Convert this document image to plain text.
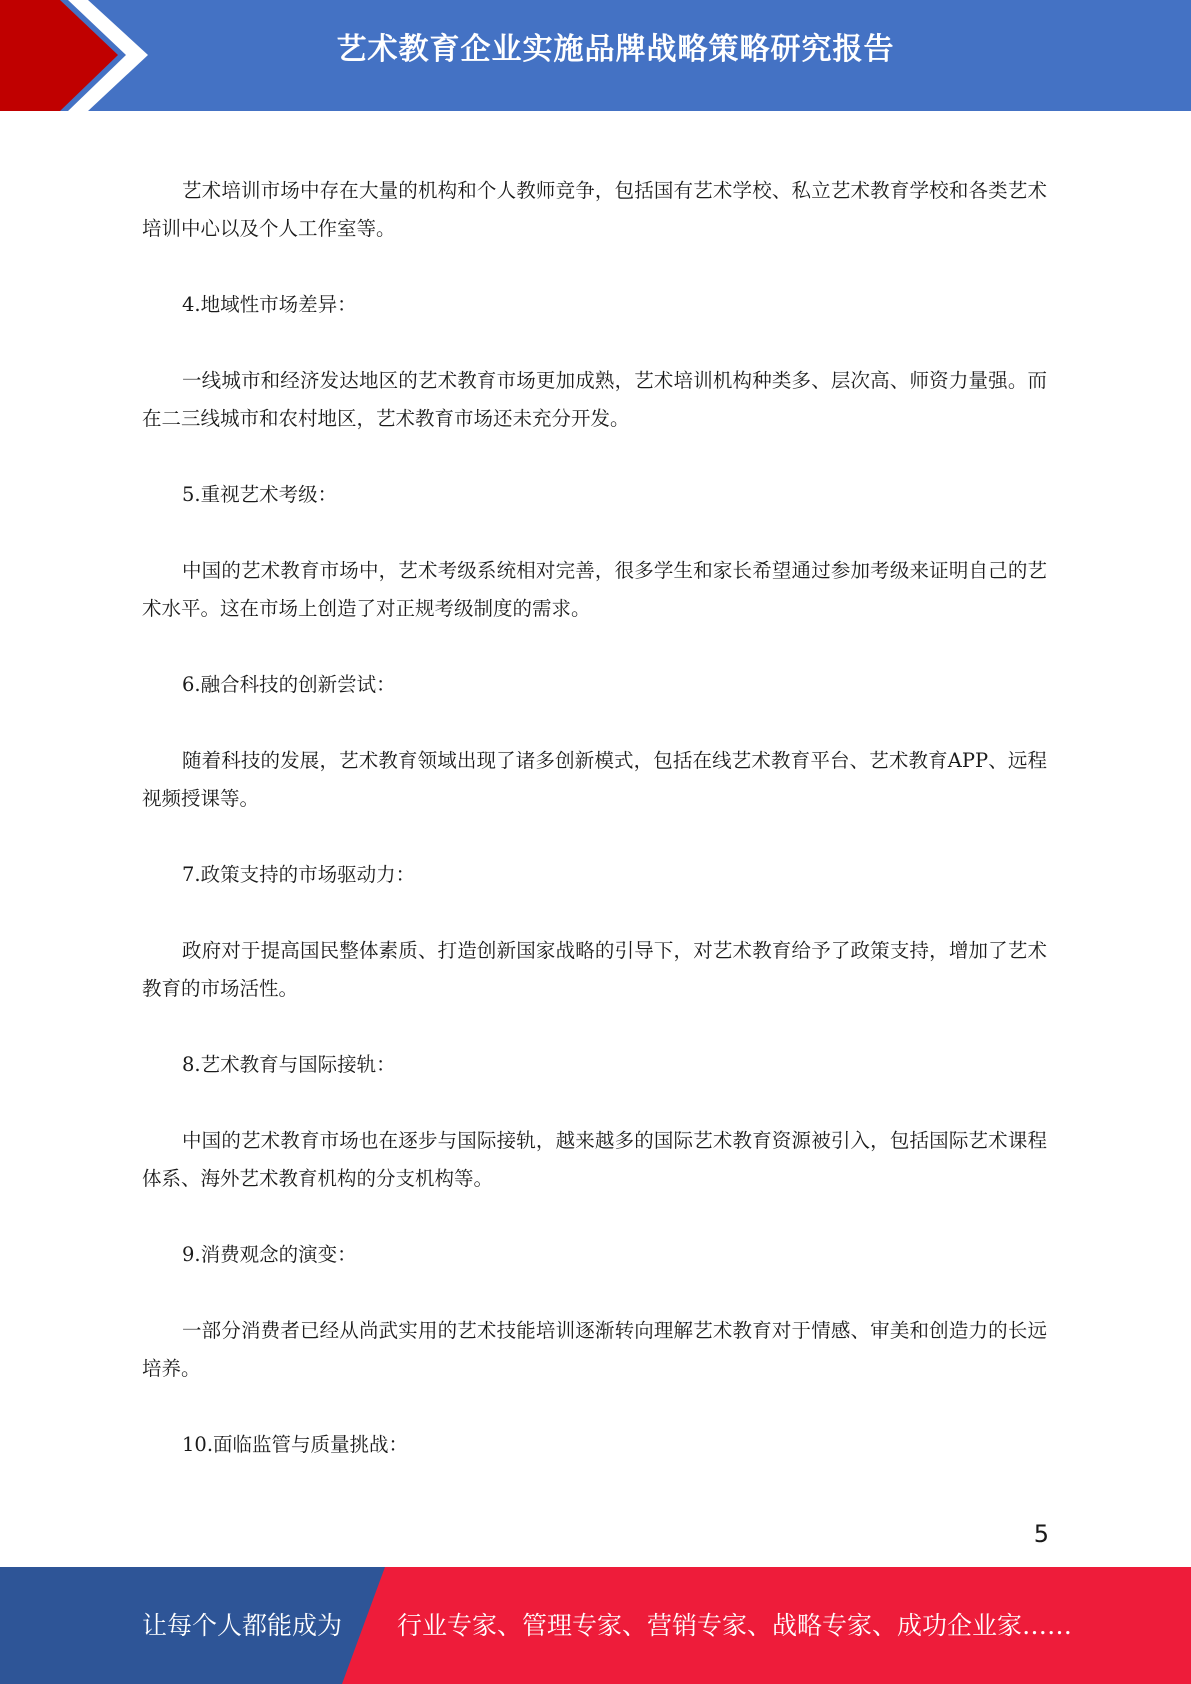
艺术教育企业实施品牌战略策略研究报告

艺术培训市场中存在大量的机构和个人教师竞争，包括国有艺术学校、私立艺术教育学校和各类艺术培训中心以及个人工作室等。

4.地域性市场差异：

一线城市和经济发达地区的艺术教育市场更加成熟，艺术培训机构种类多、层次高、师资力量强。而在二三线城市和农村地区，艺术教育市场还未充分开发。

5.重视艺术考级：

中国的艺术教育市场中，艺术考级系统相对完善，很多学生和家长希望通过参加考级来证明自己的艺术水平。这在市场上创造了对正规考级制度的需求。

6.融合科技的创新尝试：

随着科技的发展，艺术教育领域出现了诸多创新模式，包括在线艺术教育平台、艺术教育APP、远程视频授课等。

7.政策支持的市场驱动力：

政府对于提高国民整体素质、打造创新国家战略的引导下，对艺术教育给予了政策支持，增加了艺术教育的市场活性。

8.艺术教育与国际接轨：

中国的艺术教育市场也在逐步与国际接轨，越来越多的国际艺术教育资源被引入，包括国际艺术课程体系、海外艺术教育机构的分支机构等。

9.消费观念的演变：

一部分消费者已经从尚武实用的艺术技能培训逐渐转向理解艺术教育对于情感、审美和创造力的长远培养。

10.面临监管与质量挑战：

5
让每个人都能成为 行业专家、管理专家、营销专家、战略专家、成功企业家……
